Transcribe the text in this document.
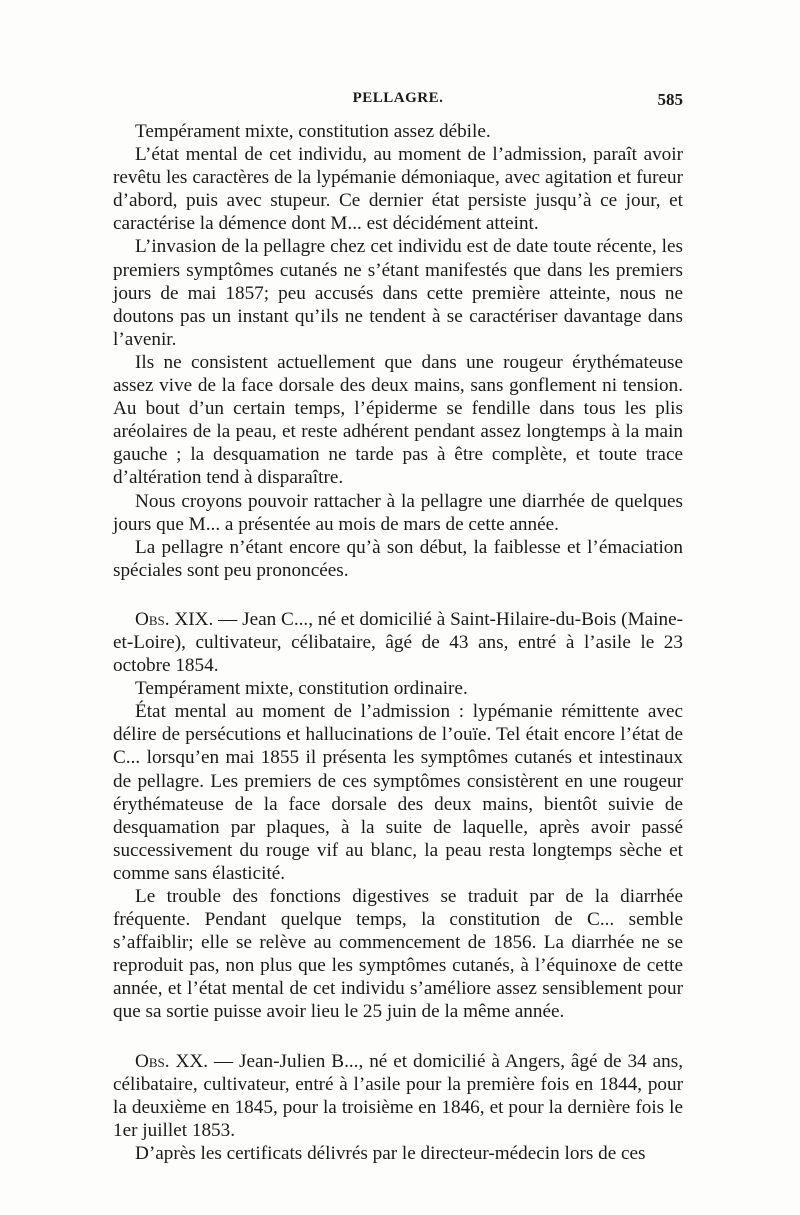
PELLAGRE.	585

Tempérament mixte, constitution assez débile.

L’état mental de cet individu, au moment de l’admission, paraît avoir revêtu les caractères de la lypémanie démoniaque, avec agitation et fureur d’abord, puis avec stupeur. Ce dernier état persiste jusqu’à ce jour, et caractérise la démence dont M... est décidément atteint.

L’invasion de la pellagre chez cet individu est de date toute récente, les premiers symptômes cutanés ne s’étant manifestés que dans les premiers jours de mai 1857; peu accusés dans cette première atteinte, nous ne doutons pas un instant qu’ils ne tendent à se caractériser davantage dans l’avenir.

Ils ne consistent actuellement que dans une rougeur érythémateuse assez vive de la face dorsale des deux mains, sans gonflement ni tension. Au bout d’un certain temps, l’épiderme se fendille dans tous les plis aréolaires de la peau, et reste adhérent pendant assez longtemps à la main gauche ; la desquamation ne tarde pas à être complète, et toute trace d’altération tend à disparaître.

Nous croyons pouvoir rattacher à la pellagre une diarrhée de quelques jours que M... a présentée au mois de mars de cette année.

La pellagre n’étant encore qu’à son début, la faiblesse et l’émaciation spéciales sont peu prononcées.

Obs. XIX. — Jean C..., né et domicilié à Saint-Hilaire-du-Bois (Maine-et-Loire), cultivateur, célibataire, âgé de 43 ans, entré à l’asile le 23 octobre 1854.

Tempérament mixte, constitution ordinaire.

État mental au moment de l’admission : lypémanie rémittente avec délire de persécutions et hallucinations de l’ouïe. Tel était encore l’état de C... lorsqu’en mai 1855 il présenta les symptômes cutanés et intestinaux de pellagre. Les premiers de ces symptômes consistèrent en une rougeur érythémateuse de la face dorsale des deux mains, bientôt suivie de desquamation par plaques, à la suite de laquelle, après avoir passé successivement du rouge vif au blanc, la peau resta longtemps sèche et comme sans élasticité.

Le trouble des fonctions digestives se traduit par de la diarrhée fréquente. Pendant quelque temps, la constitution de C... semble s’affaiblir; elle se relève au commencement de 1856. La diarrhée ne se reproduit pas, non plus que les symptômes cutanés, à l’équinoxe de cette année, et l’état mental de cet individu s’améliore assez sensiblement pour que sa sortie puisse avoir lieu le 25 juin de la même année.

Obs. XX. — Jean-Julien B..., né et domicilié à Angers, âgé de 34 ans, célibataire, cultivateur, entré à l’asile pour la première fois en 1844, pour la deuxième en 1845, pour la troisième en 1846, et pour la dernière fois le 1er juillet 1853.

D’après les certificats délivrés par le directeur-médecin lors de ces
